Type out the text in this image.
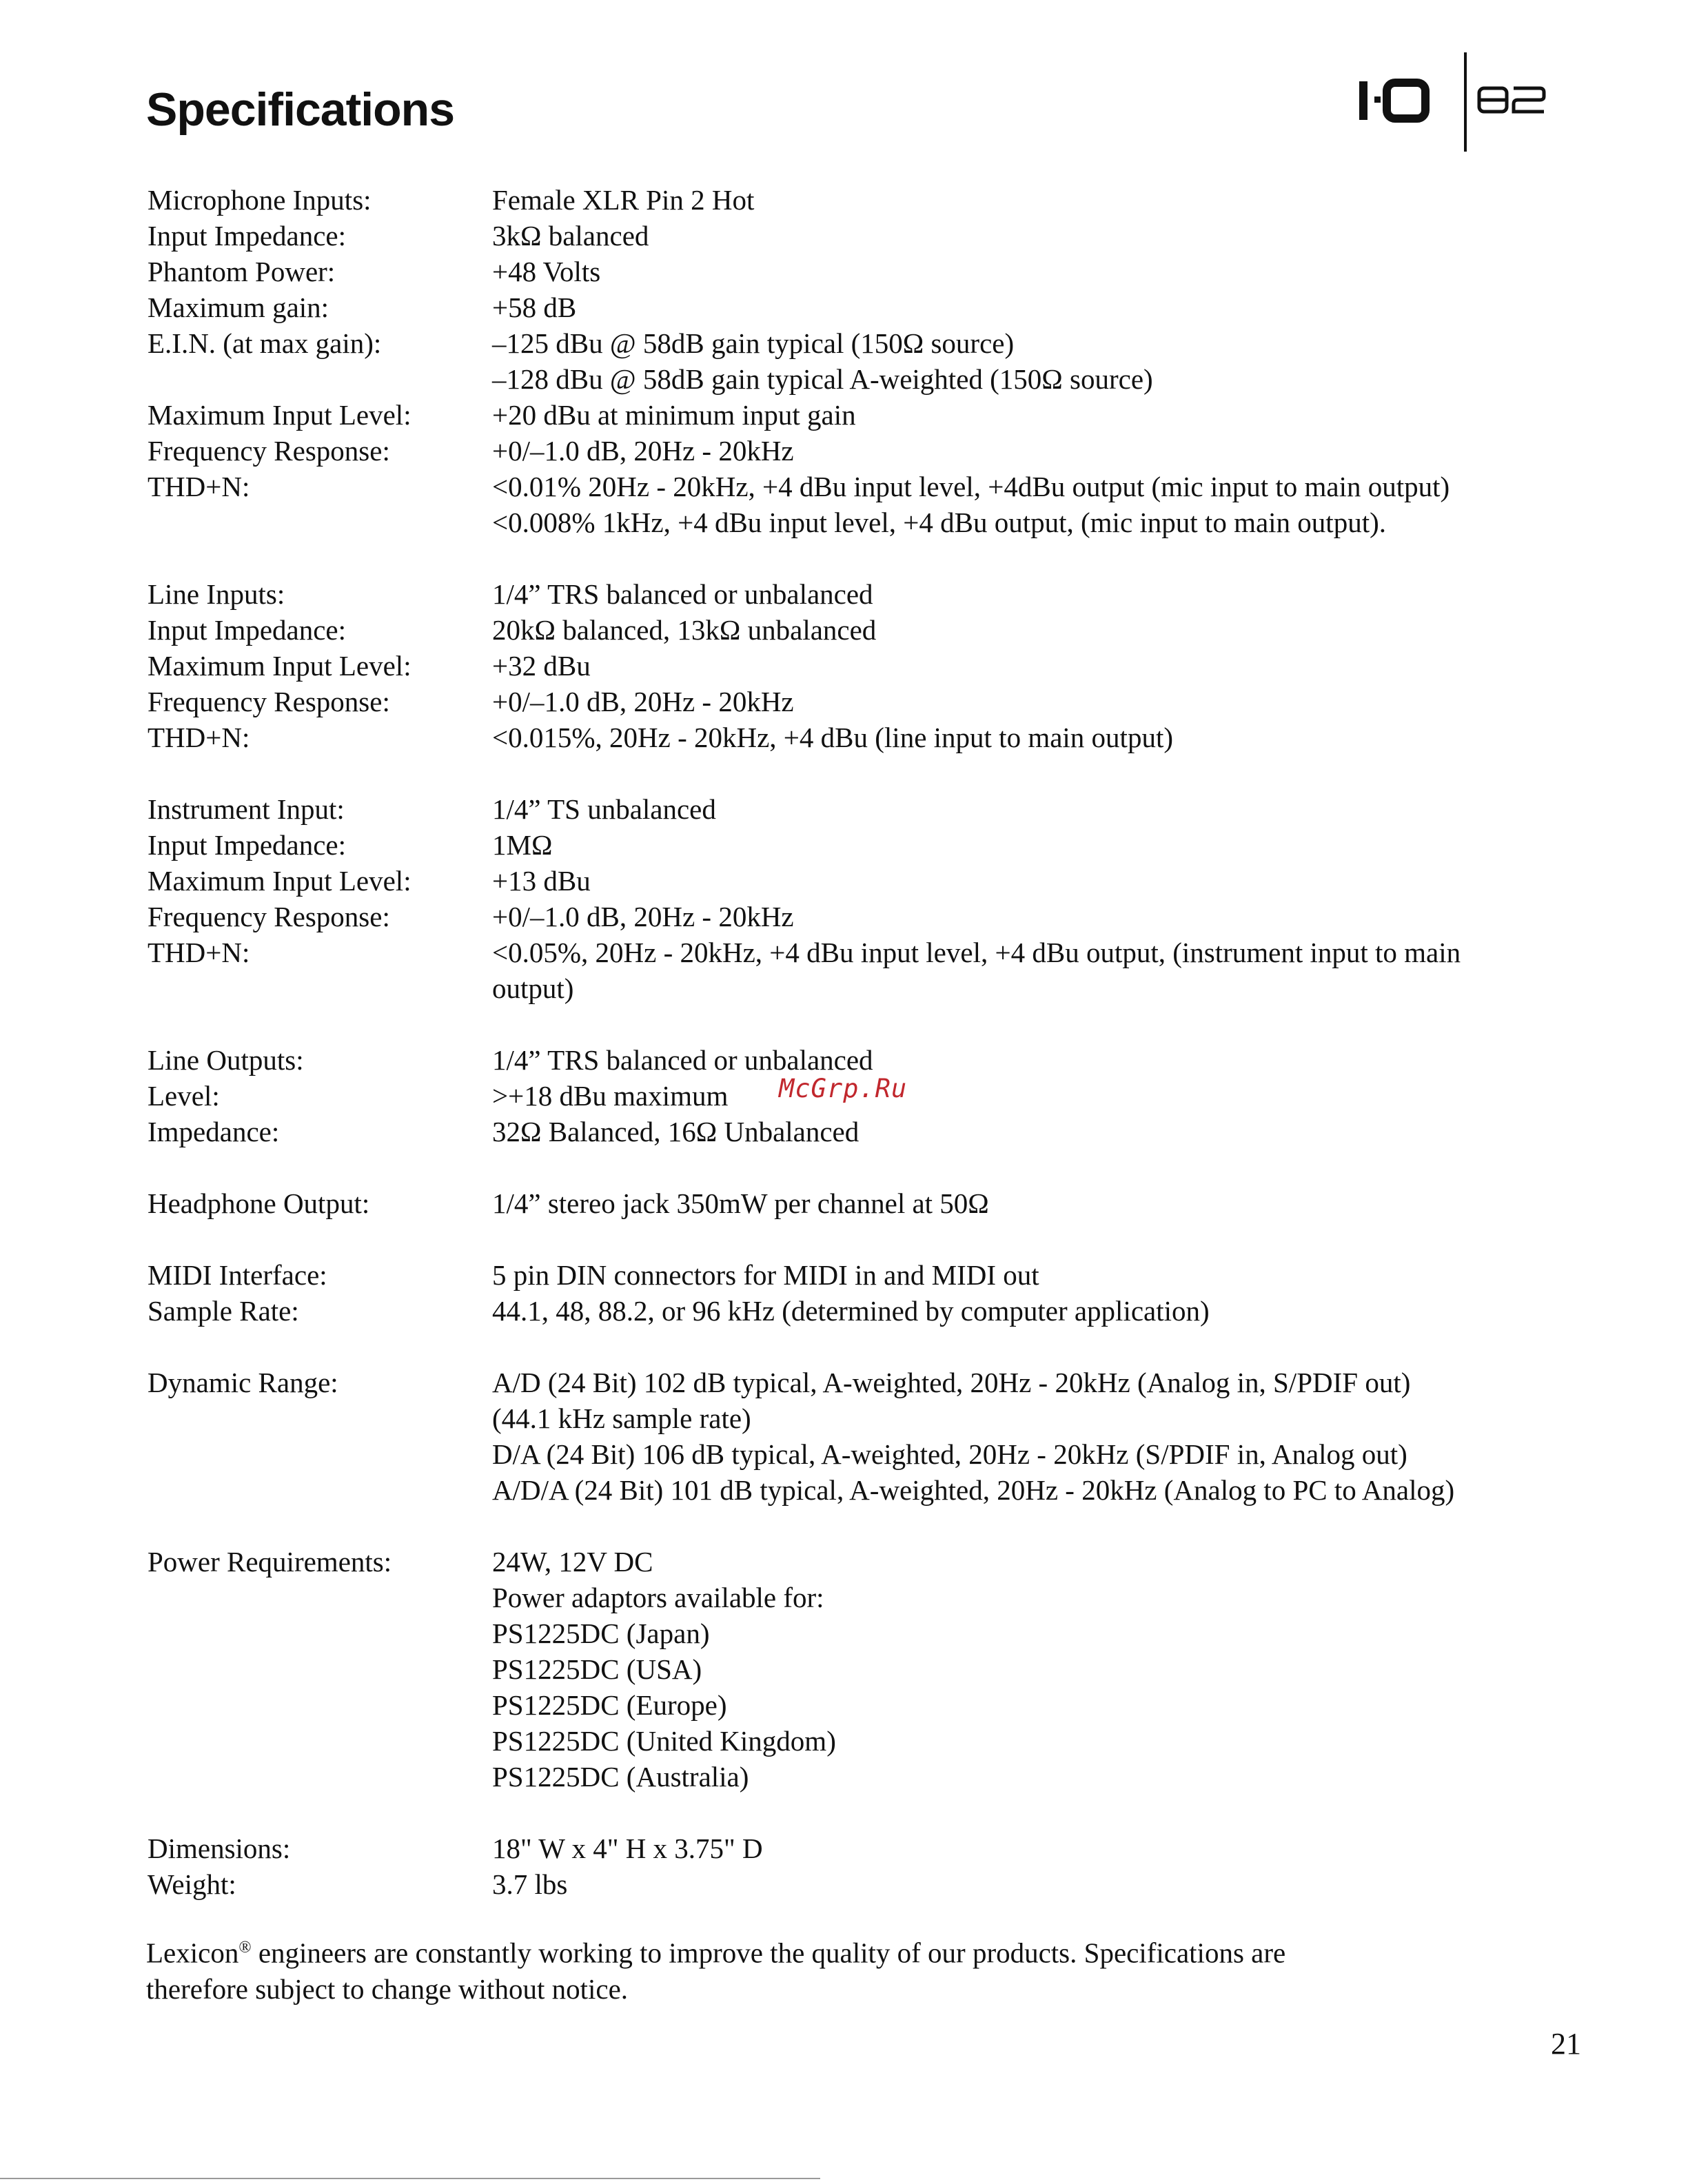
Specifications
Microphone Inputs:	Female XLR Pin 2 Hot
Input Impedance:	3kΩ balanced
Phantom Power:	+48 Volts
Maximum gain:	+58 dB
E.I.N. (at max gain):	–125 dBu @ 58dB gain typical (150Ω source)
–128 dBu @ 58dB gain typical A-weighted (150Ω source)
Maximum Input Level:	+20 dBu at minimum input gain
Frequency Response:	+0/–1.0 dB, 20Hz - 20kHz
THD+N:	<0.01% 20Hz - 20kHz, +4 dBu input level, +4dBu output (mic input to main output)
<0.008% 1kHz, +4 dBu input level, +4 dBu output, (mic input to main output).
Line Inputs:	1/4” TRS balanced or unbalanced
Input Impedance:	20kΩ balanced, 13kΩ unbalanced
Maximum Input Level:	+32 dBu
Frequency Response:	+0/–1.0 dB, 20Hz - 20kHz
THD+N:	<0.015%, 20Hz - 20kHz, +4 dBu (line input to main output)
Instrument Input:	1/4” TS unbalanced
Input Impedance:	1MΩ
Maximum Input Level:	+13 dBu
Frequency Response:	+0/–1.0 dB, 20Hz - 20kHz
THD+N:	<0.05%, 20Hz - 20kHz, +4 dBu input level, +4 dBu output, (instrument input to main
output)
Line Outputs:	1/4” TRS balanced or unbalanced
Level:	>+18 dBu maximum
Impedance:	32Ω Balanced, 16Ω Unbalanced
Headphone Output:	1/4” stereo jack 350mW per channel at 50Ω
MIDI Interface:	5 pin DIN connectors for MIDI in and MIDI out
Sample Rate:	44.1, 48, 88.2, or 96 kHz (determined by computer application)
Dynamic Range:	A/D (24 Bit) 102 dB typical, A-weighted, 20Hz - 20kHz (Analog in, S/PDIF out)
(44.1 kHz sample rate)
D/A (24 Bit) 106 dB typical, A-weighted, 20Hz - 20kHz (S/PDIF in, Analog out)
A/D/A (24 Bit) 101 dB typical, A-weighted, 20Hz - 20kHz (Analog to PC to Analog)
Power Requirements:	24W, 12V DC
Power adaptors available for:
PS1225DC (Japan)
PS1225DC (USA)
PS1225DC (Europe)
PS1225DC (United Kingdom)
PS1225DC (Australia)
Dimensions:	18" W x 4" H x 3.75" D
Weight:	3.7 lbs
McGrp.Ru
Lexicon® engineers are constantly working to improve the quality of our products. Specifications are
therefore subject to change without notice.
21
